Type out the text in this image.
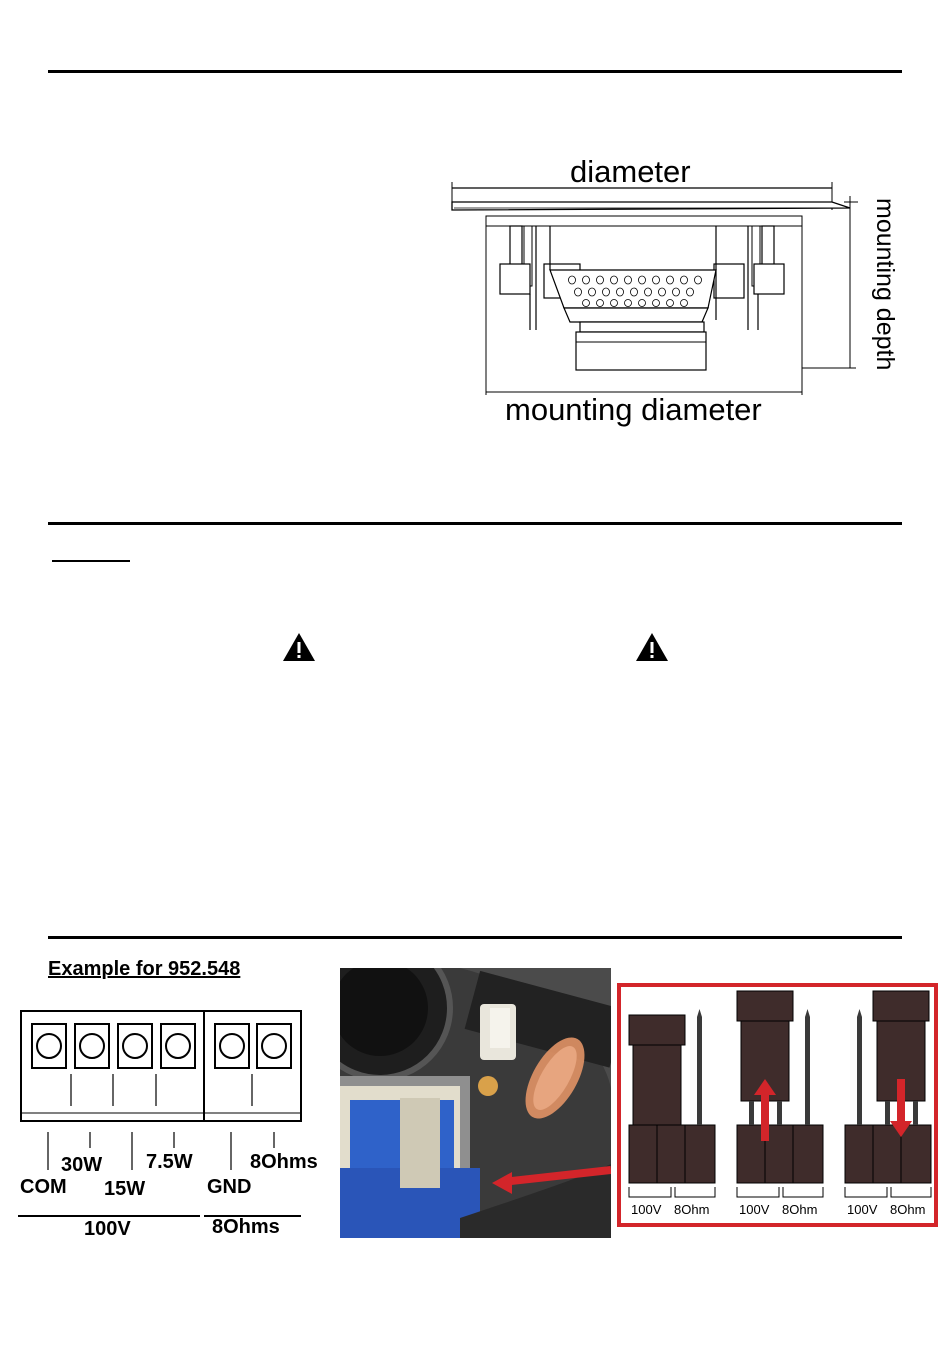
diameter
mounting depth
mounting diameter
Example for 952.548
30W 7.5W	8Ohms
COM 15W	GND
100V	8Ohms
100V 8Ohm 100V 8Ohm 100V 8Ohm
